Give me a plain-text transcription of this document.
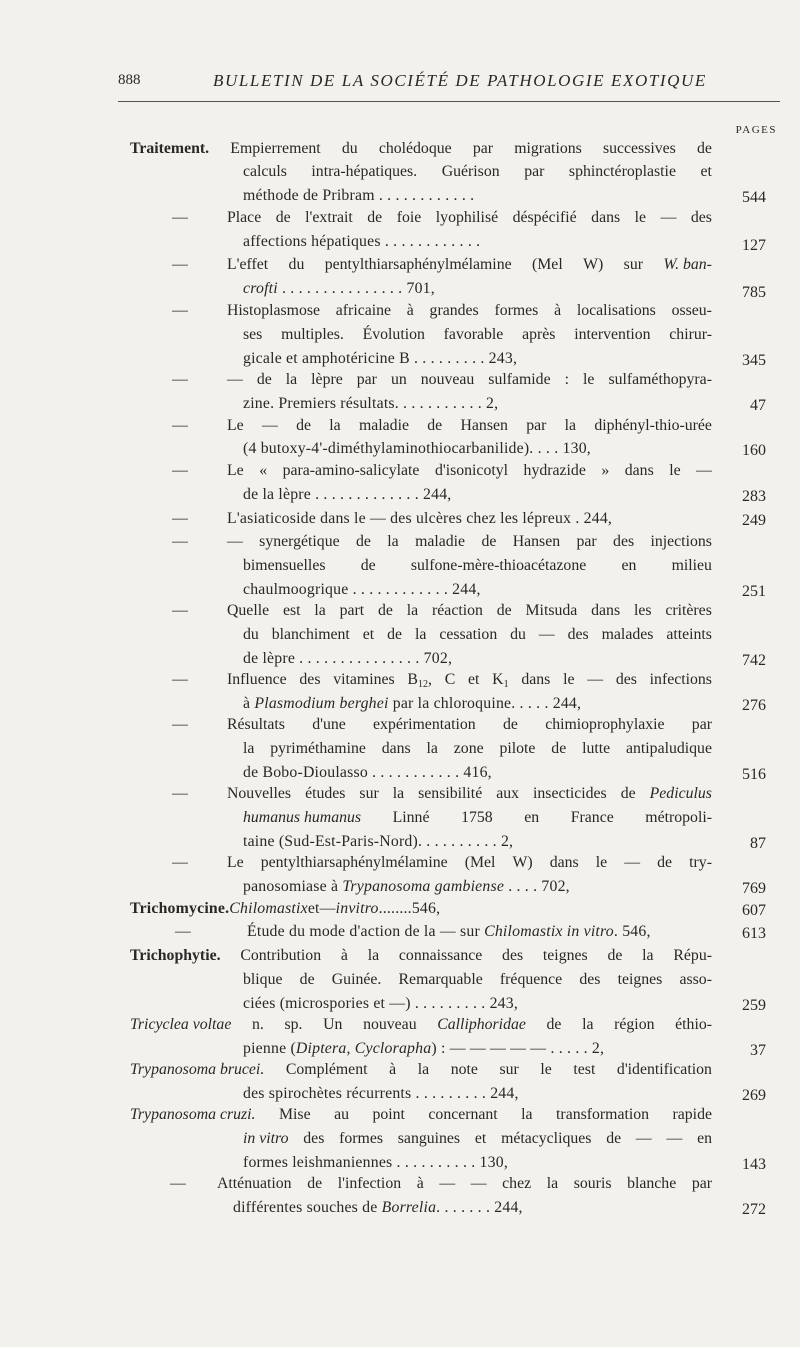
888	BULLETIN DE LA SOCIÉTÉ DE PATHOLOGIE EXOTIQUE
PAGES
Traitement. Empierrement du cholédoque par migrations successives de
calculs intra-hépatiques. Guérison par sphinctéroplastie et
méthode de Pribram . . . . . . . . . . . .	544
— Place de l'extrait de foie lyophilisé déspécifié dans le — des
affections hépatiques . . . . . . . . . . . .	127
— L'effet du pentylthiarsaphénylmélamine (Mel W) sur W. ban-
crofti . . . . . . . . . . . . . . . 701,	785
— Histoplasmose africaine à grandes formes à localisations osseu-
ses multiples. Évolution favorable après intervention chirur-
gicale et amphotéricine B . . . . . . . . . 243,	345
— — de la lèpre par un nouveau sulfamide : le sulfaméthopyra-
zine. Premiers résultats. . . . . . . . . . . 2,	47
— Le — de la maladie de Hansen par la diphényl-thio-urée
(4 butoxy-4'-diméthylaminothiocarbanilide). . . . 130,	160
— Le « para-amino-salicylate d'isonicotyl hydrazide » dans le —
de la lèpre . . . . . . . . . . . . . 244,	283
— L'asiaticoside dans le — des ulcères chez les lépreux . 244,	249
— — synergétique de la maladie de Hansen par des injections
bimensuelles de sulfone-mère-thioacétazone en milieu
chaulmoogrique . . . . . . . . . . . . 244,	251
— Quelle est la part de la réaction de Mitsuda dans les critères
du blanchiment et de la cessation du — des malades atteints
de lèpre . . . . . . . . . . . . . . . 702,	742
— Influence des vitamines $B_{12}$, C et $K_1$ dans le — des infections
à Plasmodium berghei par la chloroquine. . . . . 244,	276
— Résultats d'une expérimentation de chimioprophylaxie par
la pyriméthamine dans la zone pilote de lutte antipaludique
de Bobo-Dioulasso . . . . . . . . . . . 416,	516
— Nouvelles études sur la sensibilité aux insecticides de Pediculus
humanus humanus Linné 1758 en France métropoli-
taine (Sud-Est-Paris-Nord). . . . . . . . . . 2,	87
— Le pentylthiarsaphénylmélamine (Mel W) dans le — de try-
panosomiase à Trypanosoma gambiense . . . . 702,	769
Trichomycine.Chilomastixet—invitro........546,	607
—	Étude du mode d'action de la — sur Chilomastix in vitro. 546,	613
Trichophytie. Contribution à la connaissance des teignes de la Répu-
blique de Guinée. Remarquable fréquence des teignes asso-
ciées (microspories et —) . . . . . . . . . 243,	259
Tricyclea voltae n. sp. Un nouveau Calliphoridae de la région éthio-
pienne (Diptera, Cyclorapha) : — — — — — . . . . . 2,	37
Trypanosoma brucei. Complément à la note sur le test d'identification
des spirochètes récurrents . . . . . . . . . 244,	269
Trypanosoma cruzi. Mise au point concernant la transformation rapide
in vitro des formes sanguines et métacycliques de — — en
formes leishmaniennes . . . . . . . . . . 130,	143
— Atténuation de l'infection à — — chez la souris blanche par
différentes souches de Borrelia. . . . . . . 244,	272
